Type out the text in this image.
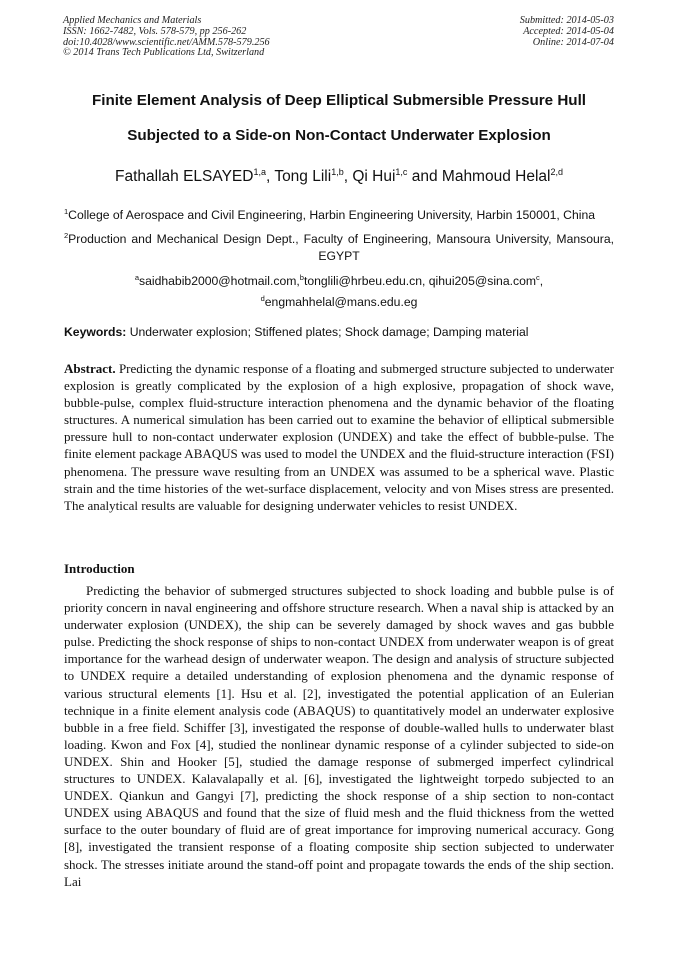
Applied Mechanics and Materials
ISSN: 1662-7482, Vols. 578-579, pp 256-262
doi:10.4028/www.scientific.net/AMM.578-579.256
© 2014 Trans Tech Publications Ltd, Switzerland
Submitted: 2014-05-03
Accepted: 2014-05-04
Online: 2014-07-04
Finite Element Analysis of Deep Elliptical Submersible Pressure Hull
Subjected to a Side-on Non-Contact Underwater Explosion
Fathallah ELSAYED$^{1,a}$, Tong Lili$^{1,b}$, Qi Hui$^{1,c}$ and Mahmoud Helal$^{2,d}$
$^1$College of Aerospace and Civil Engineering, Harbin Engineering University, Harbin 150001, China
$^2$Production and Mechanical Design Dept., Faculty of Engineering, Mansoura University, Mansoura, EGYPT
$^a$saidhabib2000@hotmail.com,$^b$tonglili@hrbeu.edu.cn, qihui205@sina.com$^c$,
$^d$engmahhelal@mans.edu.eg
Keywords: Underwater explosion; Stiffened plates; Shock damage; Damping material
Abstract. Predicting the dynamic response of a floating and submerged structure subjected to underwater explosion is greatly complicated by the explosion of a high explosive, propagation of shock wave, bubble-pulse, complex fluid-structure interaction phenomena and the dynamic behavior of the floating structures. A numerical simulation has been carried out to examine the behavior of elliptical submersible pressure hull to non-contact underwater explosion (UNDEX) and take the effect of bubble-pulse. The finite element package ABAQUS was used to model the UNDEX and the fluid-structure interaction (FSI) phenomena. The pressure wave resulting from an UNDEX was assumed to be a spherical wave. Plastic strain and the time histories of the wet-surface displacement, velocity and von Mises stress are presented. The analytical results are valuable for designing underwater vehicles to resist UNDEX.
Introduction
Predicting the behavior of submerged structures subjected to shock loading and bubble pulse is of priority concern in naval engineering and offshore structure research. When a naval ship is attacked by an underwater explosion (UNDEX), the ship can be severely damaged by shock waves and gas bubble pulse. Predicting the shock response of ships to non-contact UNDEX from underwater weapon is of great importance for the warhead design of underwater weapon. The design and analysis of structure subjected to UNDEX require a detailed understanding of explosion phenomena and the dynamic response of various structural elements [1]. Hsu et al. [2], investigated the potential application of an Eulerian technique in a finite element analysis code (ABAQUS) to quantitatively model an underwater explosive bubble in a free field. Schiffer [3], investigated the response of double-walled hulls to underwater blast loading. Kwon and Fox [4], studied the nonlinear dynamic response of a cylinder subjected to side-on UNDEX. Shin and Hooker [5], studied the damage response of submerged imperfect cylindrical structures to UNDEX. Kalavalapally et al. [6], investigated the lightweight torpedo subjected to an UNDEX. Qiankun and Gangyi [7], predicting the shock response of a ship section to non-contact UNDEX using ABAQUS and found that the size of fluid mesh and the fluid thickness from the wetted surface to the outer boundary of fluid are of great importance for improving numerical accuracy. Gong [8], investigated the transient response of a floating composite ship section subjected to underwater shock. The stresses initiate around the stand-off point and propagate towards the ends of the ship section. Lai
